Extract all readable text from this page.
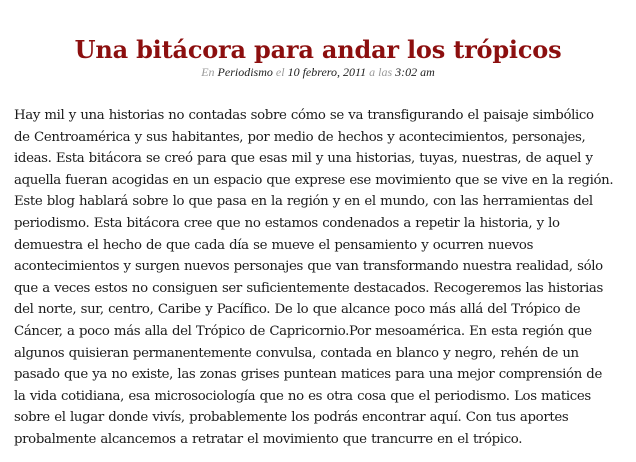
Una bitácora para andar los trópicos
En Periodismo el 10 febrero, 2011 a las 3:02 am

Hay mil y una historias no contadas sobre cómo se va transfigurando el paisaje simbólico
de Centroamérica y sus habitantes, por medio de hechos y acontecimientos, personajes,
ideas. Esta bitácora se creó para que esas mil y una historias, tuyas, nuestras, de aquel y
aquella fueran acogidas en un espacio que exprese ese movimiento que se vive en la región.
Este blog hablará sobre lo que pasa en la región y en el mundo, con las herramientas del
periodismo. Esta bitácora cree que no estamos condenados a repetir la historia, y lo
demuestra el hecho de que cada día se mueve el pensamiento y ocurren nuevos
acontecimientos y surgen nuevos personajes que van transformando nuestra realidad, sólo
que a veces estos no consiguen ser suficientemente destacados. Recogeremos las historias
del norte, sur, centro, Caribe y Pacífico. De lo que alcance poco más allá del Trópico de
Cáncer, a poco más alla del Trópico de Capricornio.Por mesoamérica. En esta región que
algunos quisieran permanentemente convulsa, contada en blanco y negro, rehén de un
pasado que ya no existe, las zonas grises puntean matices para una mejor comprensión de
la vida cotidiana, esa microsociología que no es otra cosa que el periodismo. Los matices
sobre el lugar donde vivís, probablemente los podrás encontrar aquí. Con tus aportes
probalmente alcancemos a retratar el movimiento que trancurre en el trópico.
